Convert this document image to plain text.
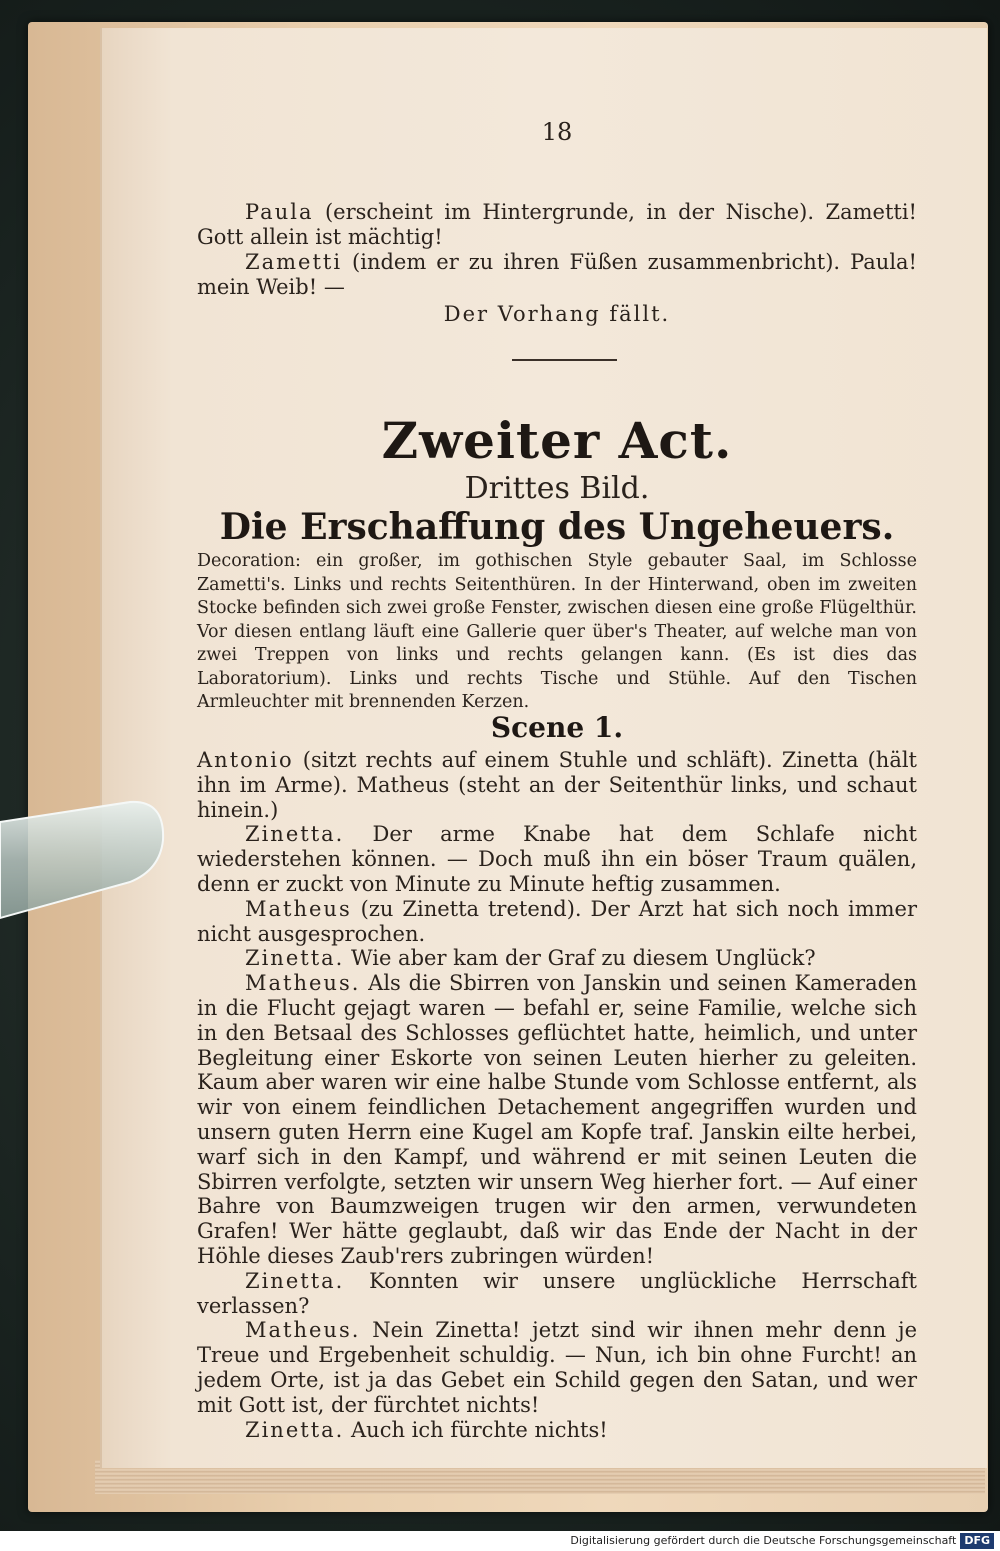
18

Paula (erscheint im Hintergrunde, in der Nische). Zametti! Gott allein ist mächtig!

Zametti (indem er zu ihren Füßen zusammenbricht). Paula! mein Weib! —

Der Vorhang fällt.

Zweiter Act.
Drittes Bild.
Die Erschaffung des Ungeheuers.

Decoration: ein großer, im gothischen Style gebauter Saal, im Schlosse Zametti's. Links und rechts Seitenthüren. In der Hinterwand, oben im zweiten Stocke befinden sich zwei große Fenster, zwischen diesen eine große Flügelthür. Vor diesen entlang läuft eine Gallerie quer über's Theater, auf welche man von zwei Treppen von links und rechts gelangen kann. (Es ist dies das Laboratorium). Links und rechts Tische und Stühle. Auf den Tischen Armleuchter mit brennenden Kerzen.

Scene 1.

Antonio (sitzt rechts auf einem Stuhle und schläft). Zinetta (hält ihn im Arme). Matheus (steht an der Seitenthür links, und schaut hinein.)

Zinetta. Der arme Knabe hat dem Schlafe nicht wiederstehen können. — Doch muß ihn ein böser Traum quälen, denn er zuckt von Minute zu Minute heftig zusammen.

Matheus (zu Zinetta tretend). Der Arzt hat sich noch immer nicht ausgesprochen.

Zinetta. Wie aber kam der Graf zu diesem Unglück?

Matheus. Als die Sbirren von Janskin und seinen Kameraden in die Flucht gejagt waren — befahl er, seine Familie, welche sich in den Betsaal des Schlosses geflüchtet hatte, heimlich, und unter Begleitung einer Eskorte von seinen Leuten hierher zu geleiten. Kaum aber waren wir eine halbe Stunde vom Schlosse entfernt, als wir von einem feindlichen Detachement angegriffen wurden und unsern guten Herrn eine Kugel am Kopfe traf. Janskin eilte herbei, warf sich in den Kampf, und während er mit seinen Leuten die Sbirren verfolgte, setzten wir unsern Weg hierher fort. — Auf einer Bahre von Baumzweigen trugen wir den armen, verwundeten Grafen! Wer hätte geglaubt, daß wir das Ende der Nacht in der Höhle dieses Zaub'rers zubringen würden!

Zinetta. Konnten wir unsere unglückliche Herrschaft verlassen?

Matheus. Nein Zinetta! jetzt sind wir ihnen mehr denn je Treue und Ergebenheit schuldig. — Nun, ich bin ohne Furcht! an jedem Orte, ist ja das Gebet ein Schild gegen den Satan, und wer mit Gott ist, der fürchtet nichts!

Zinetta. Auch ich fürchte nichts!

Digitalisierung gefördert durch die Deutsche Forschungsgemeinschaft DFG
